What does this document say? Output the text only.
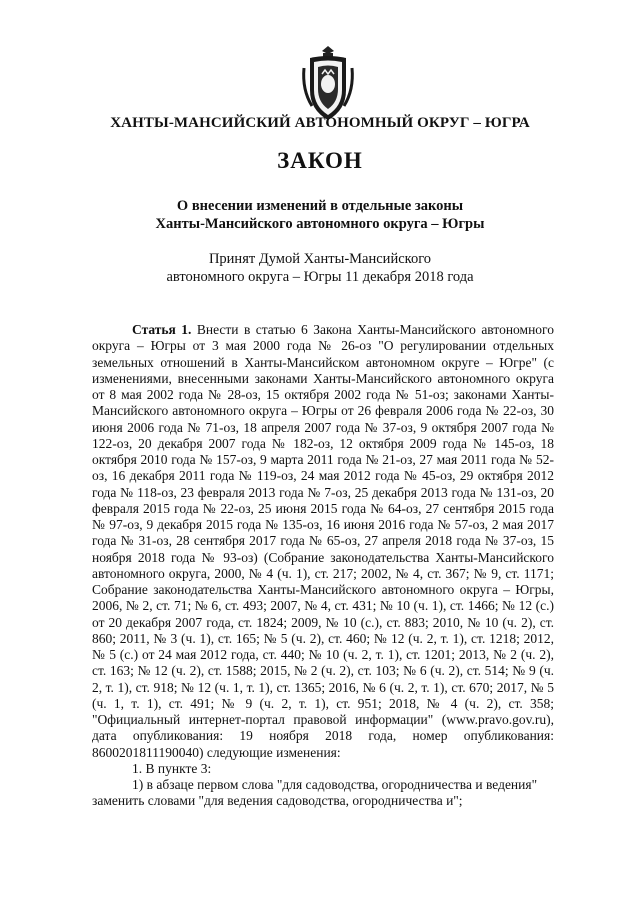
ХАНТЫ-МАНСИЙСКИЙ АВТОНОМНЫЙ ОКРУГ – ЮГРА
ЗАКОН
О внесении изменений в отдельные законы
Ханты-Мансийского автономного округа – Югры
Принят Думой Ханты-Мансийского
автономного округа – Югры 11 декабря 2018 года

Статья 1. Внести в статью 6 Закона Ханты-Мансийского автономного округа – Югры от 3 мая 2000 года № 26-оз "О регулировании отдельных земельных отношений в Ханты-Мансийском автономном округе – Югре" (с изменениями, внесенными законами Ханты-Мансийского автономного округа от 8 мая 2002 года № 28-оз, 15 октября 2002 года № 51-оз; законами Ханты-Мансийского автономного округа – Югры от 26 февраля 2006 года № 22-оз, 30 июня 2006 года № 71-оз, 18 апреля 2007 года № 37-оз, 9 октября 2007 года № 122-оз, 20 декабря 2007 года № 182-оз, 12 октября 2009 года № 145-оз, 18 октября 2010 года № 157-оз, 9 марта 2011 года № 21-оз, 27 мая 2011 года № 52-оз, 16 декабря 2011 года № 119-оз, 24 мая 2012 года № 45-оз, 29 октября 2012 года № 118-оз, 23 февраля 2013 года № 7-оз, 25 декабря 2013 года № 131-оз, 20 февраля 2015 года № 22-оз, 25 июня 2015 года № 64-оз, 27 сентября 2015 года № 97-оз, 9 декабря 2015 года № 135-оз, 16 июня 2016 года № 57-оз, 2 мая 2017 года № 31-оз, 28 сентября 2017 года № 65-оз, 27 апреля 2018 года № 37-оз, 15 ноября 2018 года № 93-оз) (Собрание законодательства Ханты-Мансийского автономного округа, 2000, № 4 (ч. 1), ст. 217; 2002, № 4, ст. 367; № 9, ст. 1171; Собрание законодательства Ханты-Мансийского автономного округа – Югры, 2006, № 2, ст. 71; № 6, ст. 493; 2007, № 4, ст. 431; № 10 (ч. 1), ст. 1466; № 12 (с.) от 20 декабря 2007 года, ст. 1824; 2009, № 10 (с.), ст. 883; 2010, № 10 (ч. 2), ст. 860; 2011, № 3 (ч. 1), ст. 165; № 5 (ч. 2), ст. 460; № 12 (ч. 2, т. 1), ст. 1218; 2012, № 5 (с.) от 24 мая 2012 года, ст. 440; № 10 (ч. 2, т. 1), ст. 1201; 2013, № 2 (ч. 2), ст. 163; № 12 (ч. 2), ст. 1588; 2015, № 2 (ч. 2), ст. 103; № 6 (ч. 2), ст. 514; № 9 (ч. 2, т. 1), ст. 918; № 12 (ч. 1, т. 1), ст. 1365; 2016, № 6 (ч. 2, т. 1), ст. 670; 2017, № 5 (ч. 1, т. 1), ст. 491; № 9 (ч. 2, т. 1), ст. 951; 2018, № 4 (ч. 2), ст. 358; "Официальный интернет-портал правовой информации" (www.pravo.gov.ru), дата опубликования: 19 ноября 2018 года, номер опубликования: 8600201811190040) следующие изменения:

1. В пункте 3:

1) в абзаце первом слова "для садоводства, огородничества и ведения"

заменить словами "для ведения садоводства, огородничества и";
